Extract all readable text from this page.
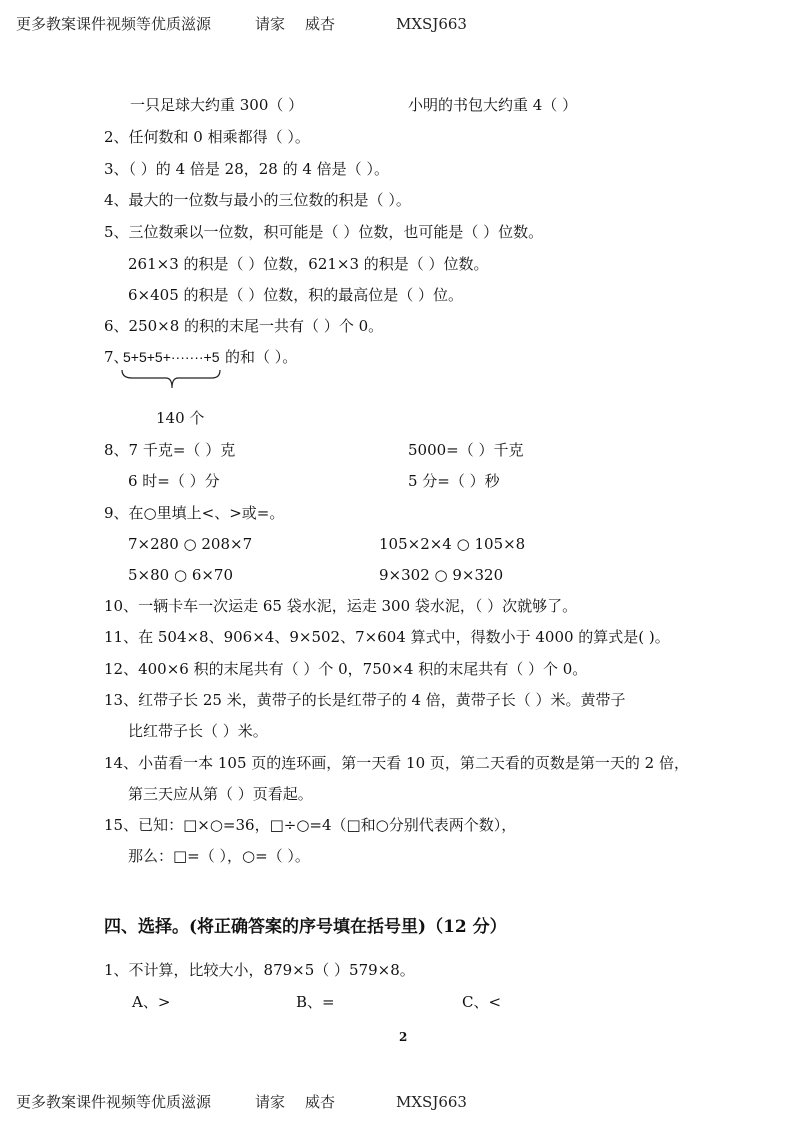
更多教案课件视频等优质滋源	请家 威杏	MXSJ663
一只足球大约重 300（ ）	小明的书包大约重 4（ ）
2、任何数和 0 相乘都得（ ）。
3、（ ）的 4 倍是 28，28 的 4 倍是（ ）。
4、最大的一位数与最小的三位数的积是（ ）。
5、三位数乘以一位数，积可能是（ ）位数，也可能是（ ）位数。
261×3 的积是（ ）位数，621×3 的积是（ ）位数。
6×405 的积是（ ）位数，积的最高位是（ ）位。
6、250×8 的积的末尾一共有（ ）个 0。
7、
5+5+5+·······+5 的和（ ）。
140 个
8、7 千克=（ ）克	5000=（ ）千克
6 时=（ ）分	5 分=（ ）秒
9、在○里填上<、>或=。
7×280 ○ 208×7	105×2×4 ○ 105×8
5×80 ○ 6×70	9×302 ○ 9×320
10、一辆卡车一次运走 65 袋水泥，运走 300 袋水泥，（ ）次就够了。
11、在 504×8、906×4、9×502、7×604 算式中，得数小于 4000 的算式是( )。
12、400×6 积的末尾共有（ ）个 0，750×4 积的末尾共有（ ）个 0。
13、红带子长 25 米，黄带子的长是红带子的 4 倍，黄带子长（ ）米。黄带子
比红带子长（ ）米。
14、小苗看一本 105 页的连环画，第一天看 10 页，第二天看的页数是第一天的 2 倍，
第三天应从第（ ）页看起。
15、已知：□×○=36，□÷○=4（□和○分别代表两个数），
那么：□=（ ），○=（ ）。
四、选择。(将正确答案的序号填在括号里)（12 分）
1、不计算，比较大小，879×5（ ）579×8。
A、>	B、=	C、<
2
更多教案课件视频等优质滋源	请家 威杏	MXSJ663
